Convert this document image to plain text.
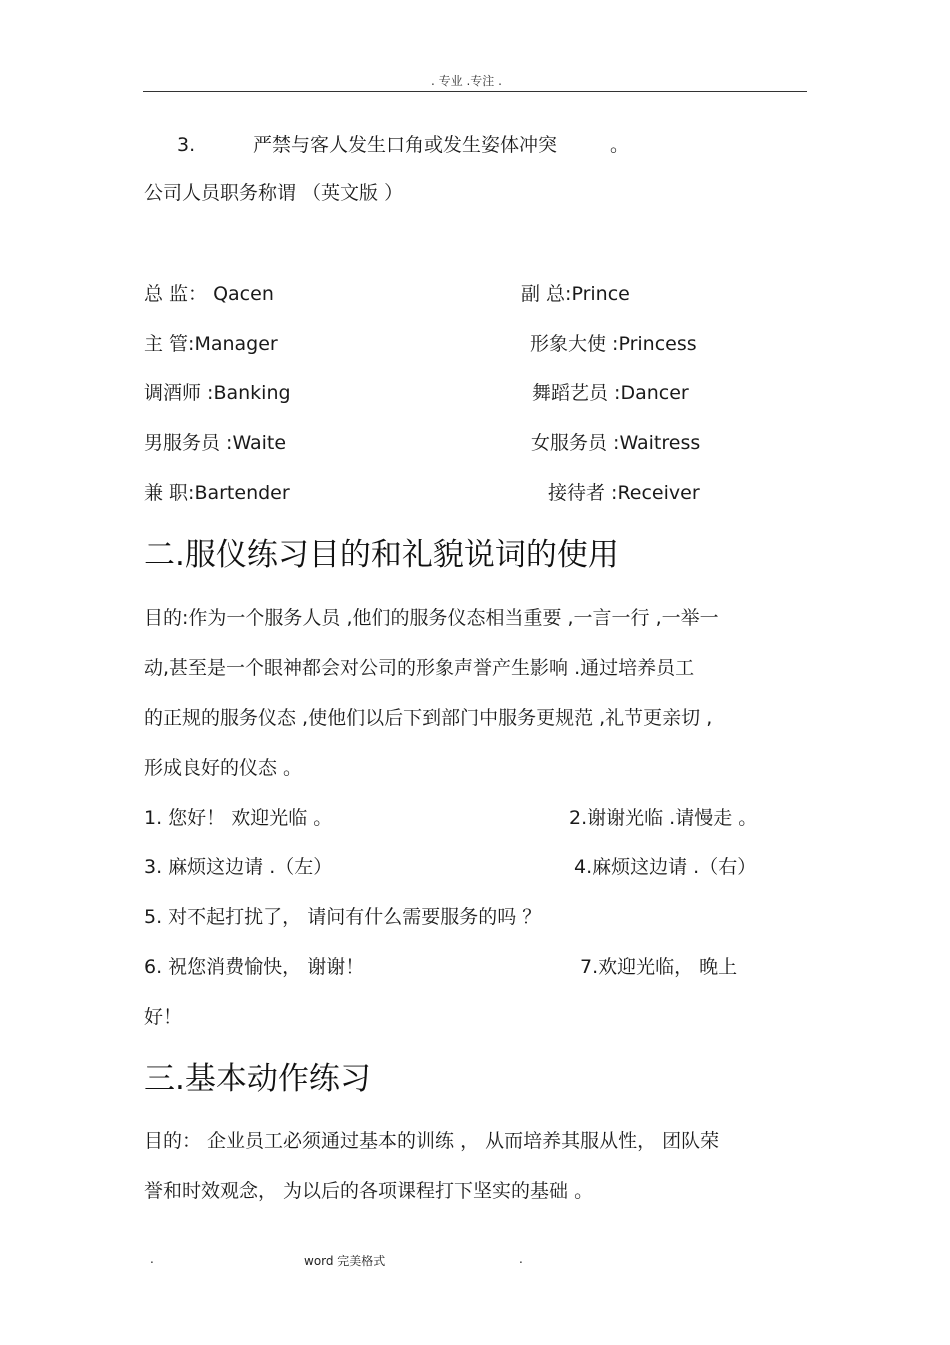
. 专业 .专注 .
3.	严禁与客人发生口角或发生姿体冲突	。
公司人员职务称谓 （英文版 ）
总 监： Qacen	副 总:Prince
主 管:Manager	形象大使 :Princess
调酒师 :Banking	舞蹈艺员 :Dancer
男服务员 :Waite	女服务员 :Waitress
兼 职:Bartender	接待者 :Receiver
二.服仪练习目的和礼貌说词的使用
目的:作为一个服务人员 ,他们的服务仪态相当重要 ,一言一行 ,一举一
动,甚至是一个眼神都会对公司的形象声誉产生影响 .通过培养员工
的正规的服务仪态 ,使他们以后下到部门中服务更规范 ,礼节更亲切 ,
形成良好的仪态 。
1. 您好！ 欢迎光临 。	2.谢谢光临 .请慢走 。
3. 麻烦这边请 .（左）	4.麻烦这边请 .（右）
5. 对不起打扰了， 请问有什么需要服务的吗 ？
6. 祝您消费愉快， 谢谢！	7.欢迎光临， 晚上
好！
三.基本动作练习
目的： 企业员工必须通过基本的训练 ， 从而培养其服从性， 团队荣
誉和时效观念， 为以后的各项课程打下坚实的基础 。
.	word 完美格式	.
